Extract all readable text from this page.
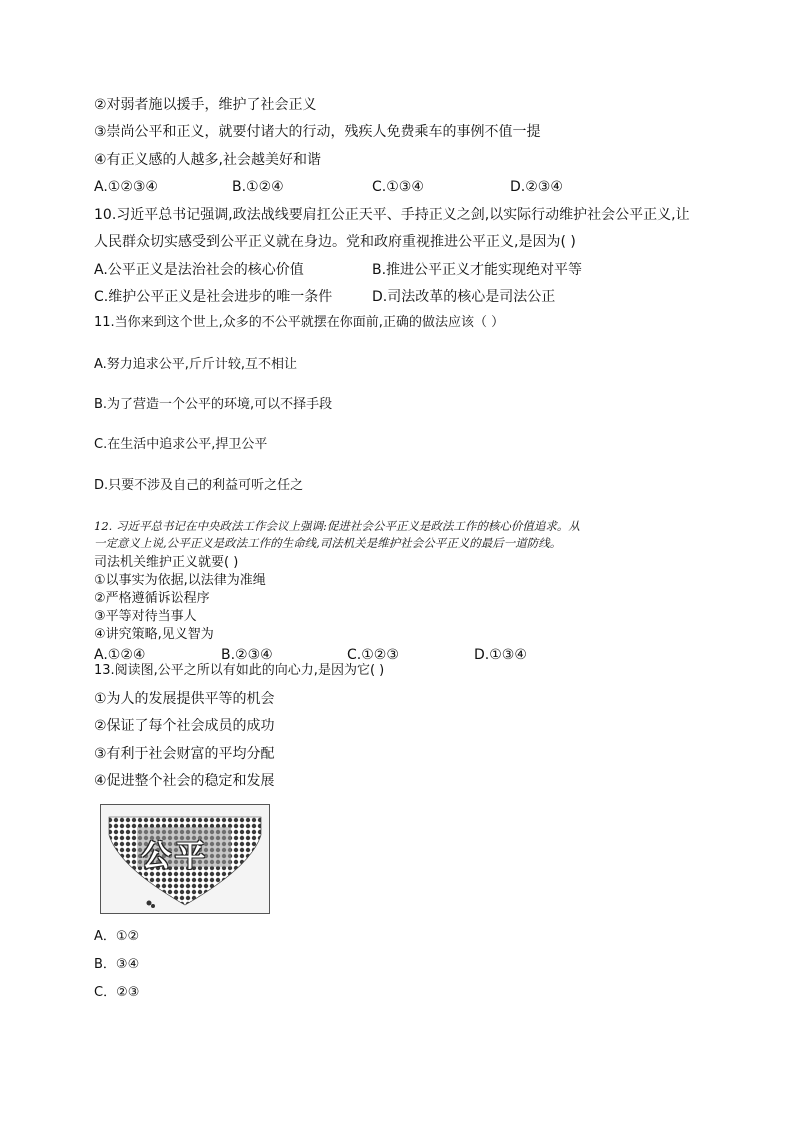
②对弱者施以援手，维护了社会正义
③崇尚公平和正义，就要付诸大的行动，残疾人免费乘车的事例不值一提
④有正义感的人越多,社会越美好和谐
A.①②③④	B.①②④	C.①③④	D.②③④
10.习近平总书记强调,政法战线要肩扛公正天平、手持正义之剑,以实际行动维护社会公平正义,让
人民群众切实感受到公平正义就在身边。党和政府重视推进公平正义,是因为( )
A.公平正义是法治社会的核心价值	B.推进公平正义才能实现绝对平等
C.维护公平正义是社会进步的唯一条件	D.司法改革的核心是司法公正
11.当你来到这个世上,众多的不公平就摆在你面前,正确的做法应该（ ）
A.努力追求公平,斤斤计较,互不相让
B.为了营造一个公平的环境,可以不择手段
C.在生活中追求公平,捍卫公平
D.只要不涉及自己的利益可听之任之
12. 习近平总书记在中央政法工作会议上强调:促进社会公平正义是政法工作的核心价值追求。从
一定意义上说,公平正义是政法工作的生命线,司法机关是维护社会公平正义的最后一道防线。
司法机关维护正义就要( )
①以事实为依据,以法律为准绳
②严格遵循诉讼程序
③平等对待当事人
④讲究策略,见义智为
A.①②④	B.②③④	C.①②③	D.①③④
13.阅读图,公平之所以有如此的向心力,是因为它( )
①为人的发展提供平等的机会
②保证了每个社会成员的成功
③有利于社会财富的平均分配
④促进整个社会的稳定和发展
公平
A．①②
B．③④
C．②③
